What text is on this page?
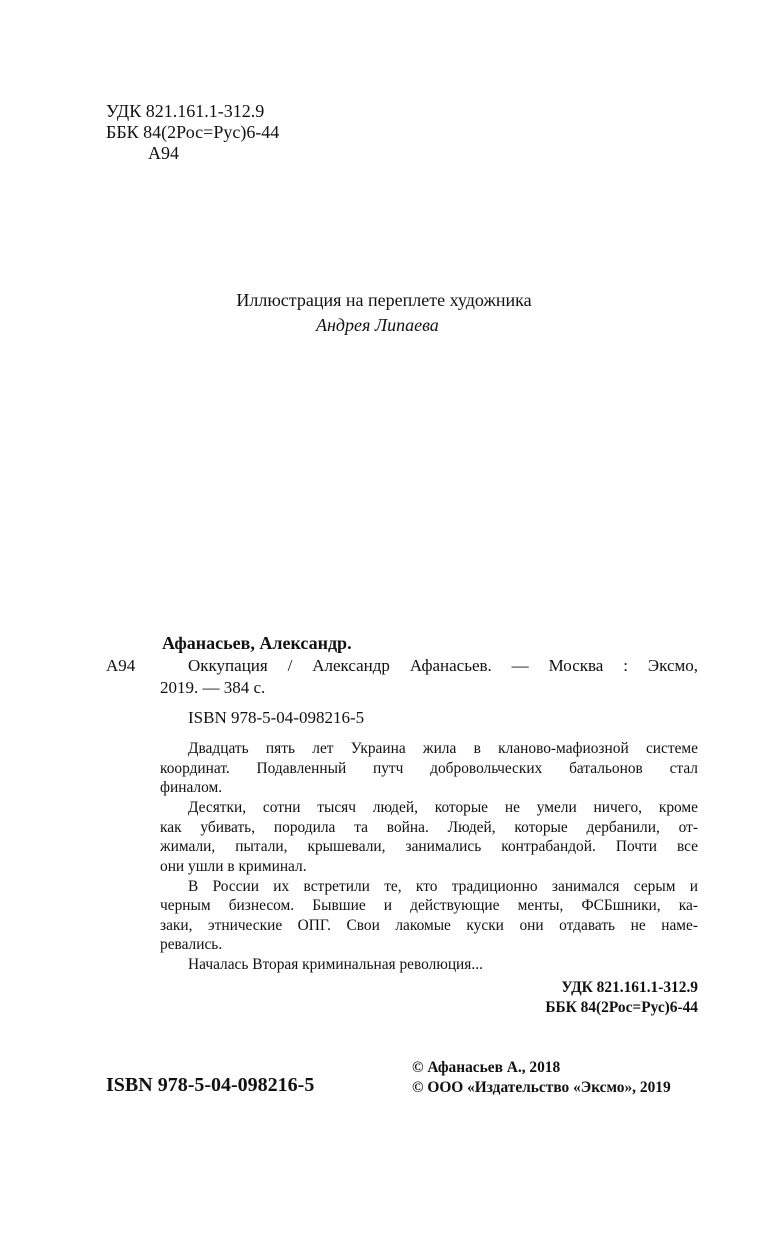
УДК 821.161.1-312.9

ББК 84(2Рос=Рус)6-44

А94

Иллюстрация на переплете художника

Андрея Липаева

Афанасьев, Александр.

А94	Оккупация / Александр Афанасьев. — Москва : Эксмо,

2019. — 384 с.

ISBN 978-5-04-098216-5

Двадцать пять лет Украина жила в кланово-мафиозной системе

координат. Подавленный путч добровольческих батальонов стал

финалом.

Десятки, сотни тысяч людей, которые не умели ничего, кроме

как убивать, породила та война. Людей, которые дербанили, от-

жимали, пытали, крышевали, занимались контрабандой. Почти все

они ушли в криминал.

В России их встретили те, кто традиционно занимался серым и

черным бизнесом. Бывшие и действующие менты, ФСБшники, ка-

заки, этнические ОПГ. Свои лакомые куски они отдавать не наме-

ревались.

Началась Вторая криминальная революция...

УДК 821.161.1-312.9

ББК 84(2Рос=Рус)6-44

ISBN 978-5-04-098216-5

© Афанасьев А., 2018

© ООО «Издательство «Эксмо», 2019
